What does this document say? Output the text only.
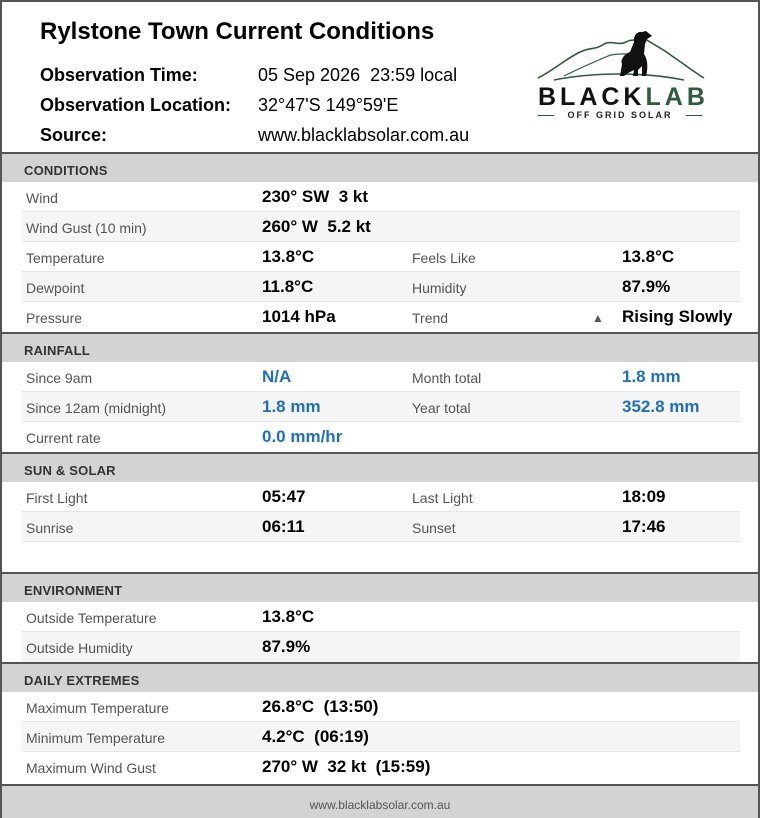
Rylstone Town Current Conditions
Observation Time:	05 Sep 2026  23:59 local
Observation Location: 32°47'S 149°59'E
Source:	www.blacklabsolar.com.au
BLACKLAB
OFF GRID SOLAR
CONDITIONS
Wind	230° SW  3 kt
Wind Gust (10 min)	260° W  5.2 kt
Temperature	13.8°C	Feels Like	13.8°C
Dewpoint	11.8°C	Humidity	87.9%
Pressure	1014 hPa	Trend	▲ Rising Slowly
RAINFALL
Since 9am	N/A	Month total	1.8 mm
Since 12am (midnight)	1.8 mm	Year total	352.8 mm
Current rate	0.0 mm/hr
SUN & SOLAR
First Light	05:47	Last Light	18:09
Sunrise	06:11	Sunset	17:46
ENVIRONMENT
Outside Temperature	13.8°C
Outside Humidity	87.9%
DAILY EXTREMES
Maximum Temperature	26.8°C  (13:50)
Minimum Temperature	4.2°C  (06:19)
Maximum Wind Gust	270° W  32 kt  (15:59)
www.blacklabsolar.com.au
